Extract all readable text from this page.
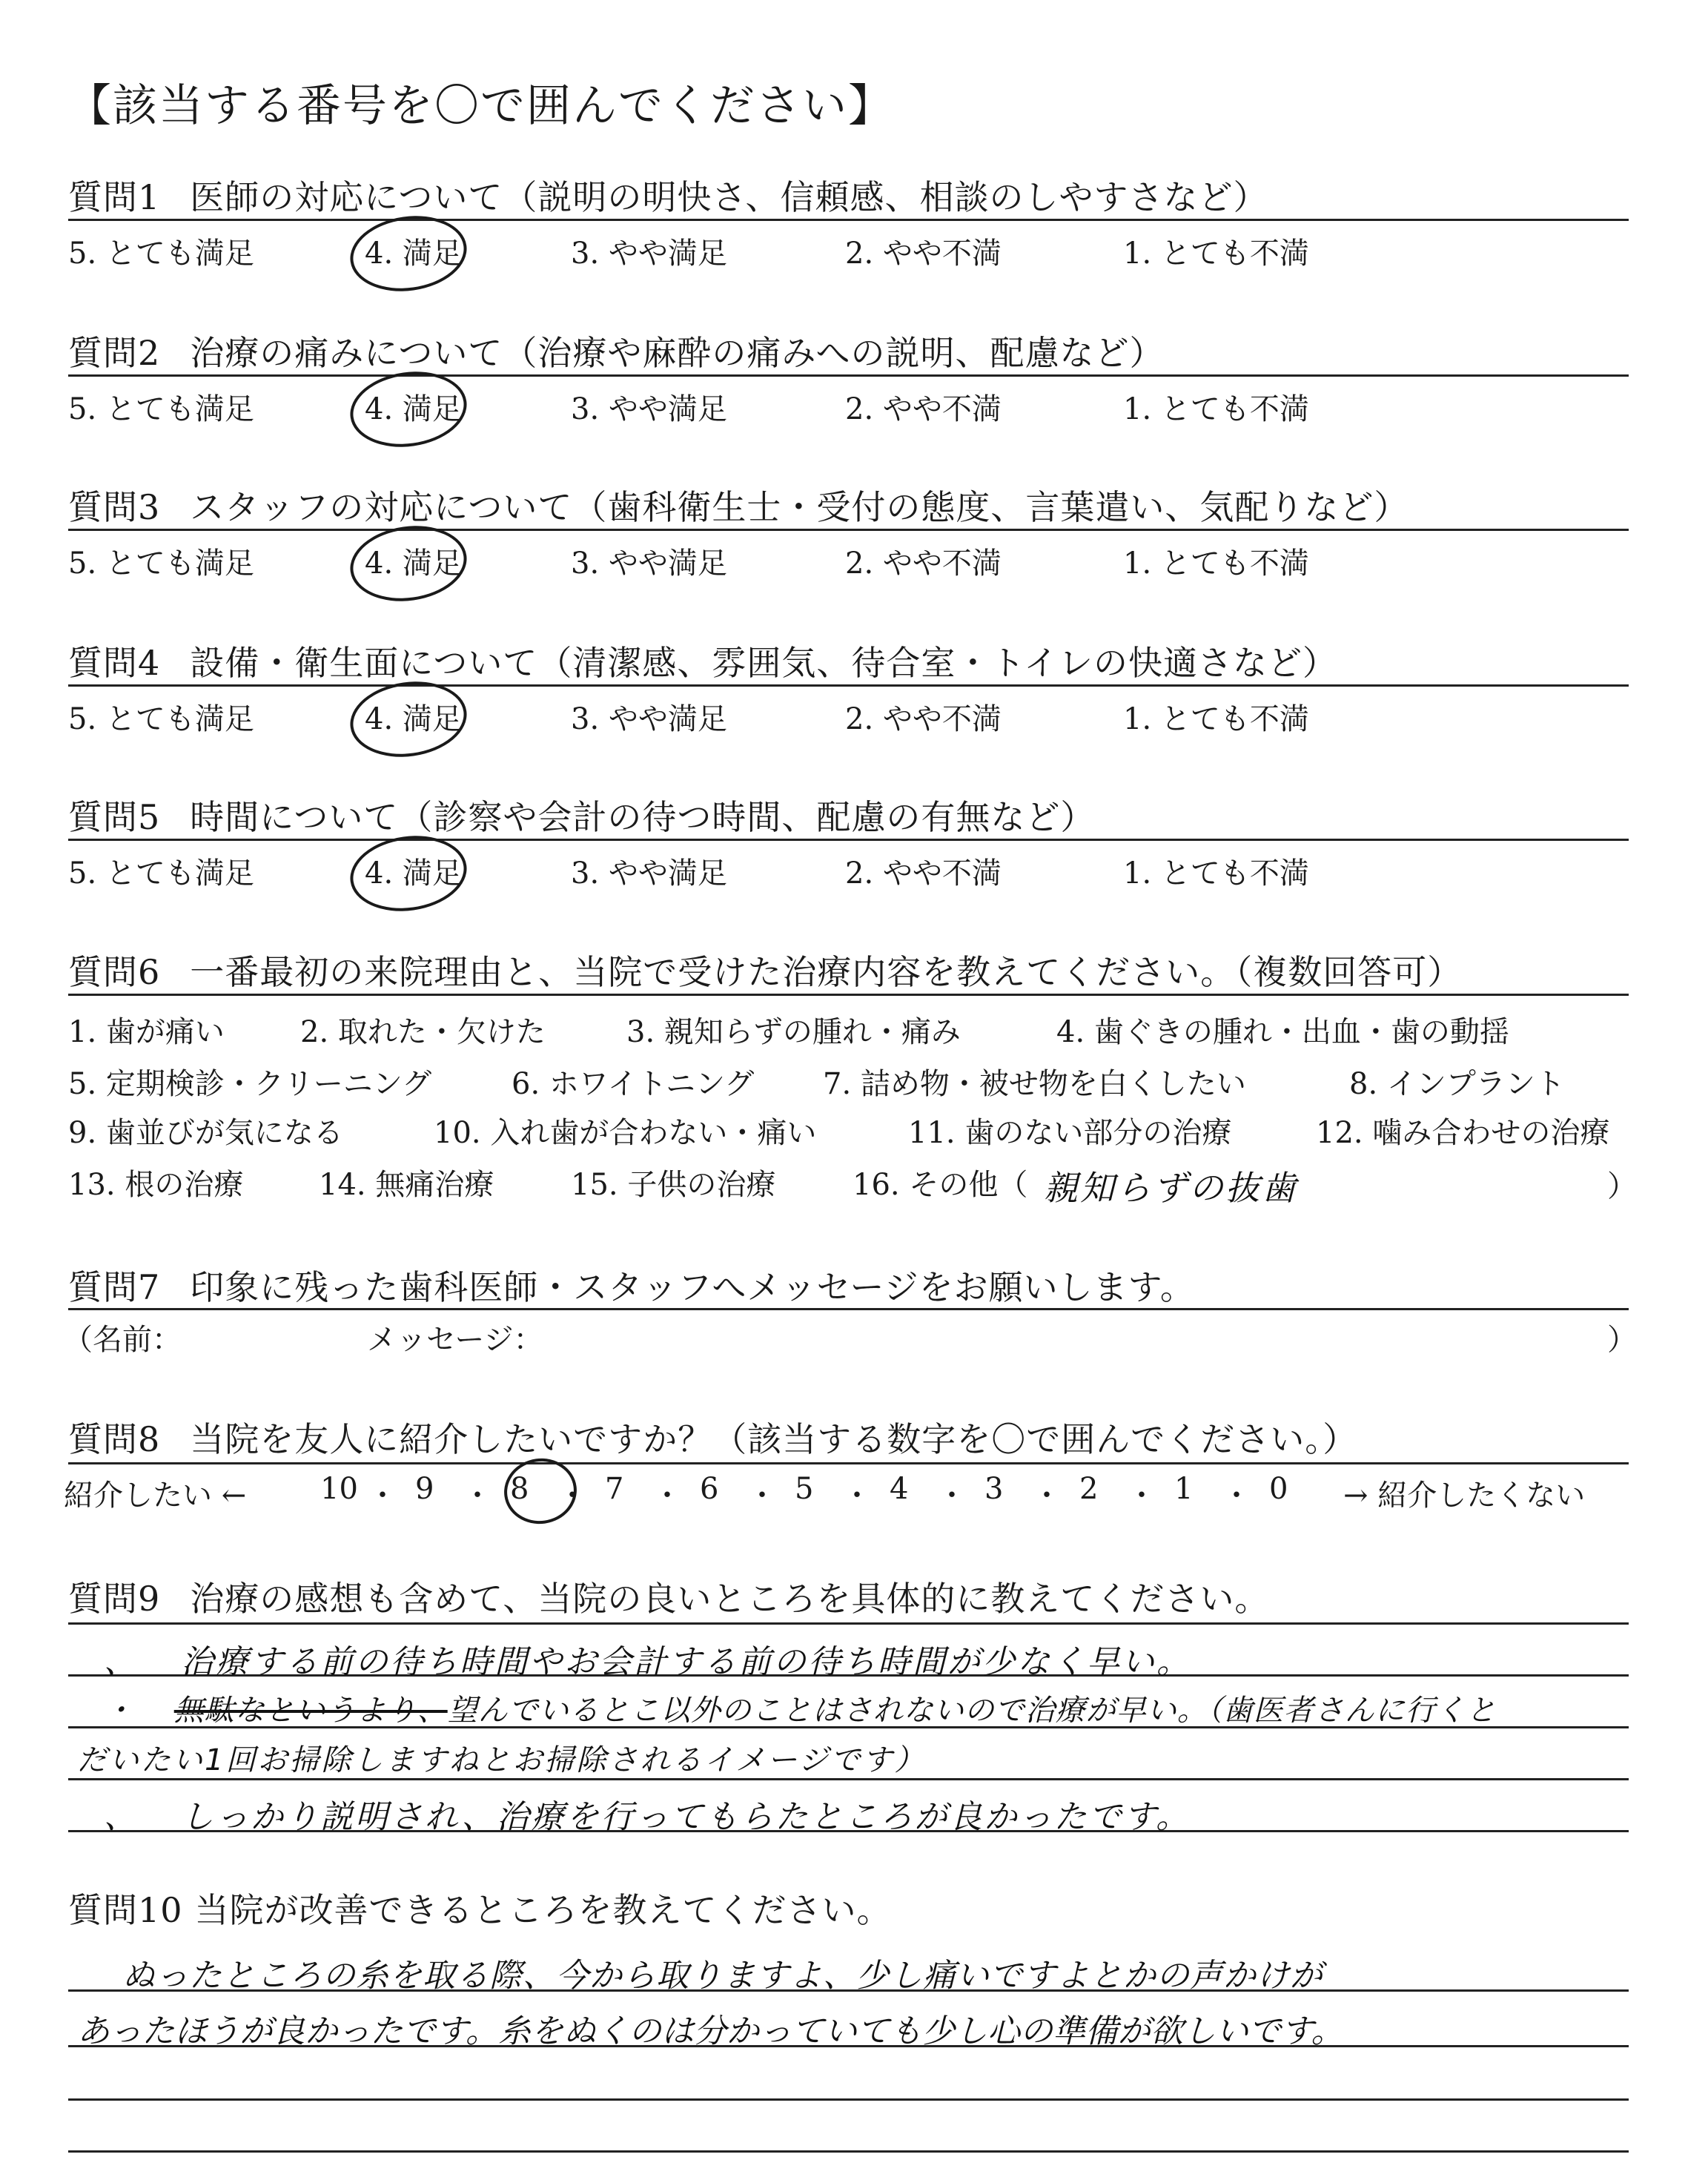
【該当する番号を〇で囲んでください】
質問1 医師の対応について（説明の明快さ、信頼感、相談のしやすさなど）
5. とても満足	4. 満足	3. やや満足	2. やや不満	1. とても不満
質問2 治療の痛みについて（治療や麻酔の痛みへの説明、配慮など）
5. とても満足	4. 満足	3. やや満足	2. やや不満	1. とても不満
質問3 スタッフの対応について（歯科衛生士・受付の態度、言葉遣い、気配りなど）
5. とても満足	4. 満足	3. やや満足	2. やや不満	1. とても不満
質問4 設備・衛生面について（清潔感、雰囲気、待合室・トイレの快適さなど）
5. とても満足	4. 満足	3. やや満足	2. やや不満	1. とても不満
質問5 時間について（診察や会計の待つ時間、配慮の有無など）
5. とても満足	4. 満足	3. やや満足	2. やや不満	1. とても不満
質問6 一番最初の来院理由と、当院で受けた治療内容を教えてください。（複数回答可）
1. 歯が痛い	2. 取れた・欠けた	3. 親知らずの腫れ・痛み	4. 歯ぐきの腫れ・出血・歯の動揺
5. 定期検診・クリーニング	6. ホワイトニング 7. 詰め物・被せ物を白くしたい	8. インプラント
9. 歯並びが気になる	10. 入れ歯が合わない・痛い	11. 歯のない部分の治療	12. 噛み合わせの治療
13. 根の治療	14. 無痛治療	15. 子供の治療	16. その他（ 親知らずの抜歯	）
質問7 印象に残った歯科医師・スタッフへメッセージをお願いします。
（名前：	メッセージ：	）
質問8 当院を友人に紹介したいですか？（該当する数字を〇で囲んでください。）
紹介したい ← 10 ・ 9 ・ 8 ・ 7 ・ 6 ・ 5 ・ 4 ・ 3 ・ 2 ・ 1 ・ 0 → 紹介したくない
質問9 治療の感想も含めて、当院の良いところを具体的に教えてください。
、 治療する前の待ち時間やお会計する前の待ち時間が少なく早い。
・ 無駄なというより、望んでいるとこ以外のことはされないので治療が早い。（歯医者さんに行くと
だいたい1回お掃除しますねとお掃除されるイメージです）
、 しっかり説明され、治療を行ってもらたところが良かったです。
質問10 当院が改善できるところを教えてください。
ぬったところの糸を取る際、今から取りますよ、少し痛いですよとかの声かけが
あったほうが良かったです。糸をぬくのは分かっていても少し心の準備が欲しいです。
